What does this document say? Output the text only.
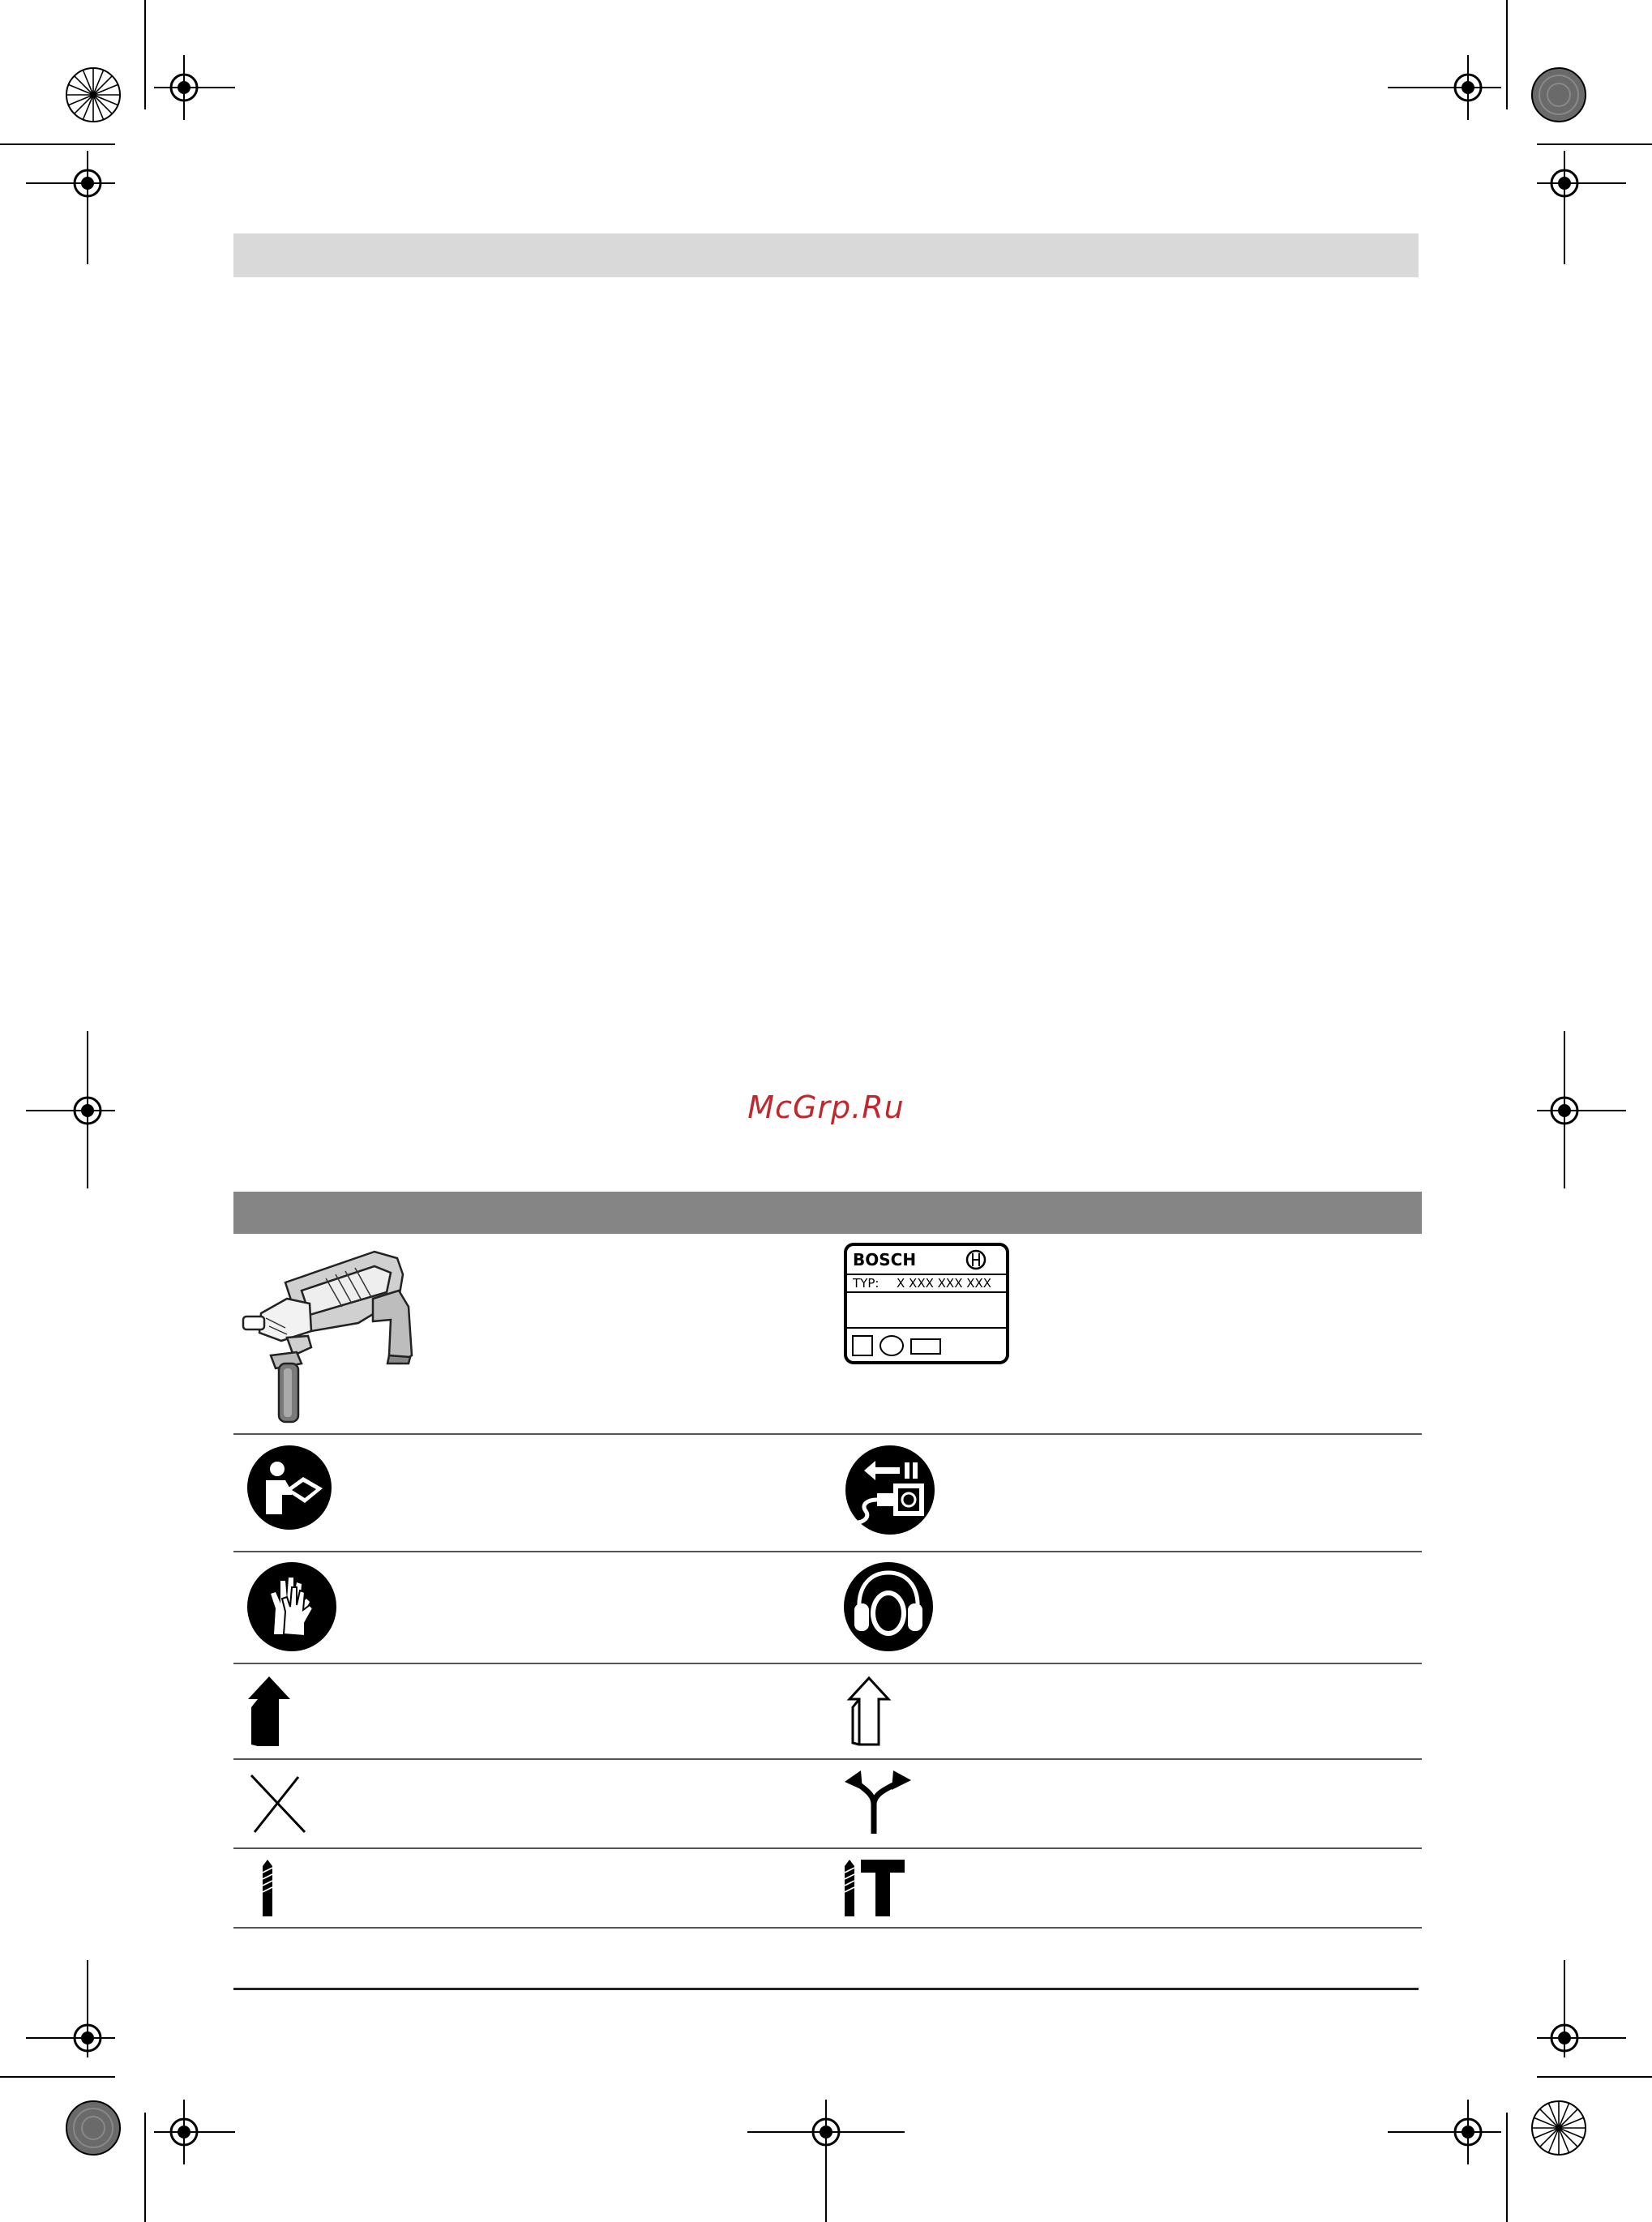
McGrp.Ru
BOSCH
TYP: X XXX XXX XXX
